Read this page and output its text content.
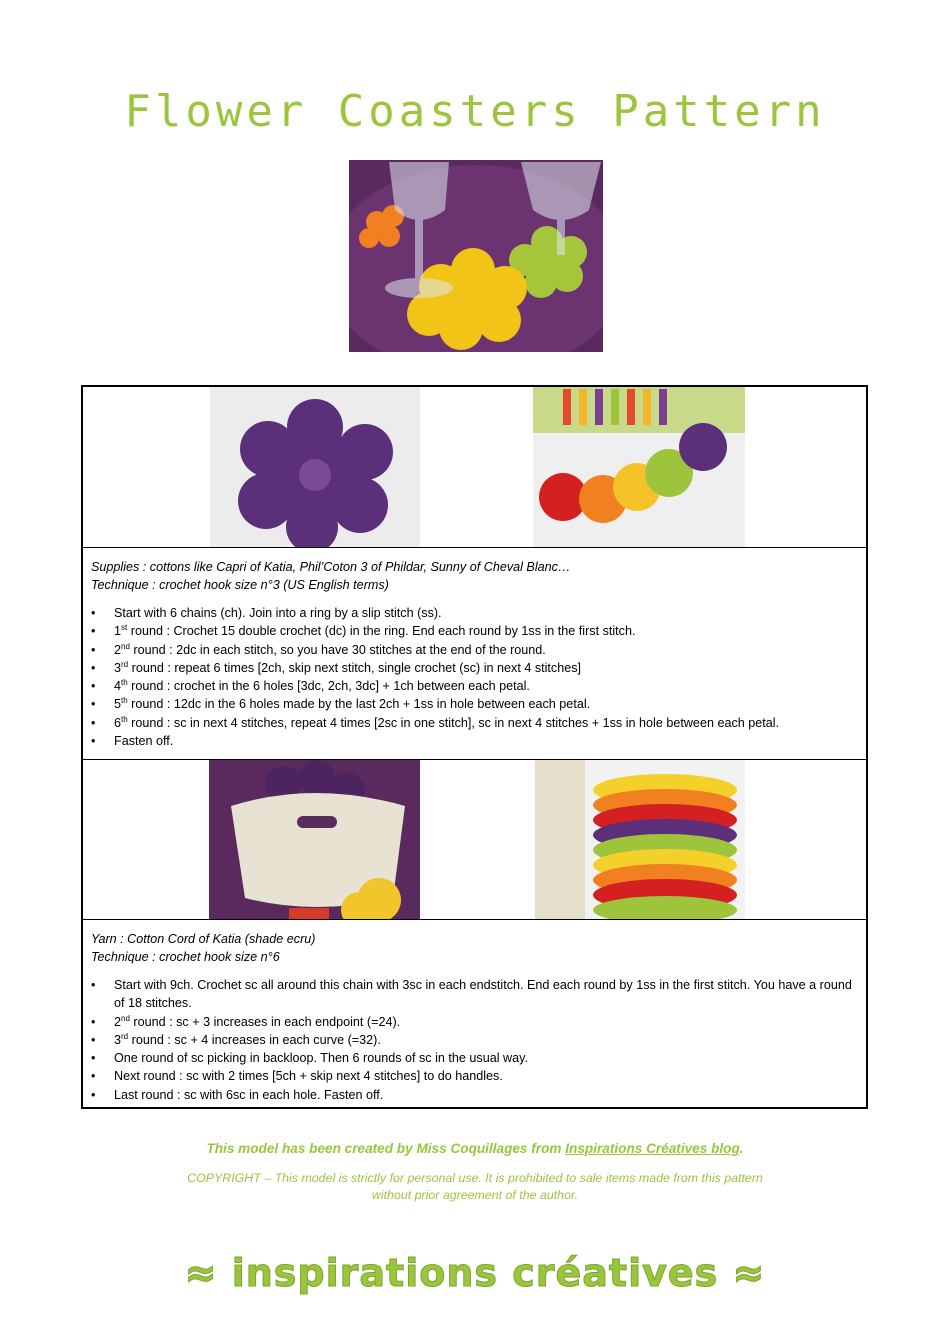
Flower Coasters Pattern
Supplies : cottons like Capri of Katia, Phil’Coton 3 of Phildar, Sunny of Cheval Blanc…
Technique : crochet hook size n°3 (US English terms)
• Start with 6 chains (ch). Join into a ring by a slip stitch (ss).
• 1st round : Crochet 15 double crochet (dc) in the ring. End each round by 1ss in the first stitch.
• 2nd round : 2dc in each stitch, so you have 30 stitches at the end of the round.
• 3rd round : repeat 6 times [2ch, skip next stitch, single crochet (sc) in next 4 stitches]
• 4th round : crochet in the 6 holes [3dc, 2ch, 3dc] + 1ch between each petal.
• 5th round : 12dc in the 6 holes made by the last 2ch + 1ss in hole between each petal.
• 6th round : sc in next 4 stitches, repeat 4 times [2sc in one stitch], sc in next 4 stitches + 1ss in hole between each petal.
• Fasten off.
Yarn : Cotton Cord of Katia (shade ecru)
Technique : crochet hook size n°6
• Start with 9ch. Crochet sc all around this chain with 3sc in each endstitch. End each round by 1ss in the first stitch. You have a round of 18 stitches.
• 2nd round : sc + 3 increases in each endpoint (=24).
• 3rd round : sc + 4 increases in each curve (=32).
• One round of sc picking in backloop. Then 6 rounds of sc in the usual way.
• Next round : sc with 2 times [5ch + skip next 4 stitches] to do handles.
• Last round : sc with 6sc in each hole. Fasten off.
This model has been created by Miss Coquillages from Inspirations Créatives blog.
COPYRIGHT – This model is strictly for personal use. It is prohibited to sale items made from this pattern
without prior agreement of the author.
≈ inspirations créatives ≈
